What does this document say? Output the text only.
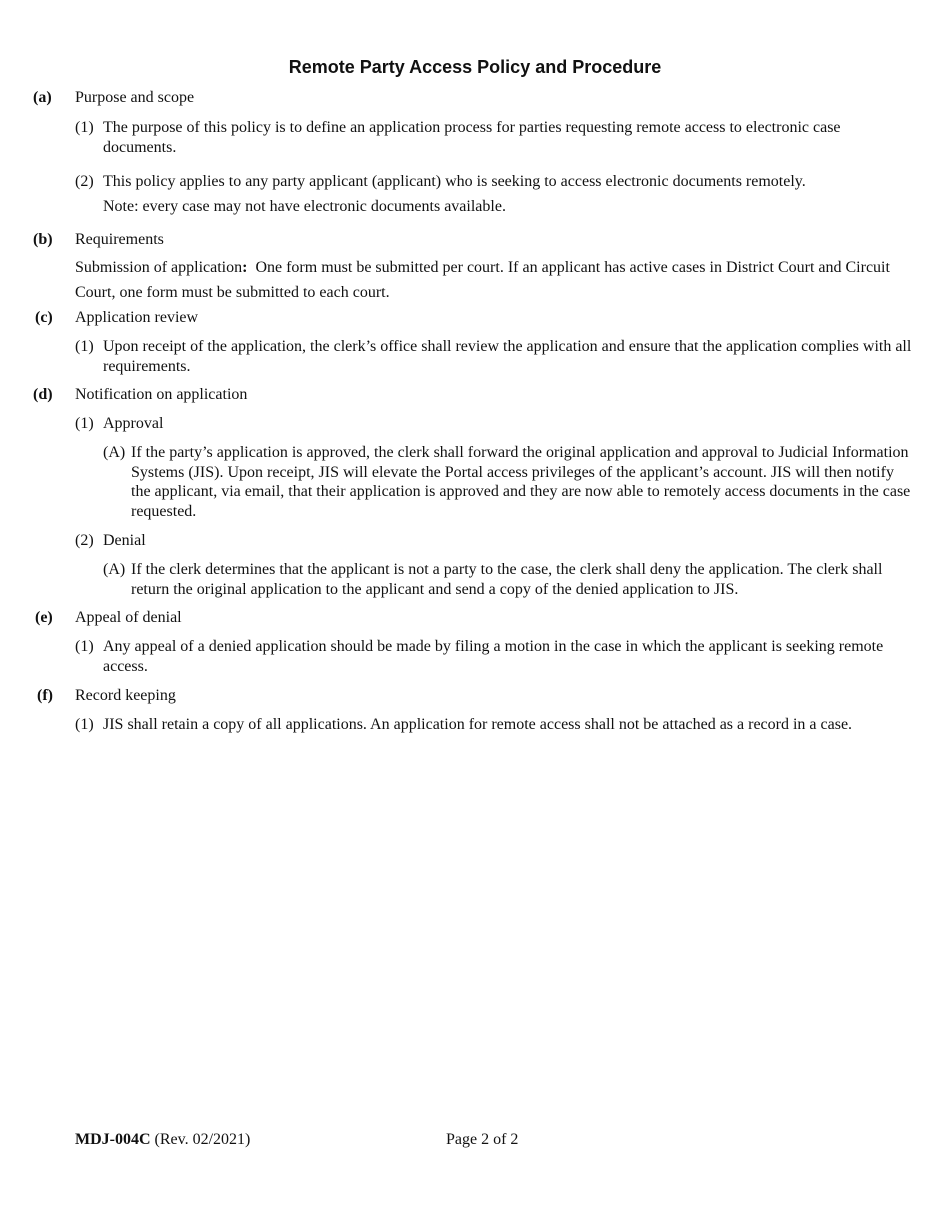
Remote Party Access Policy and Procedure
(a) Purpose and scope
(1) The purpose of this policy is to define an application process for parties requesting remote access to electronic case documents.
(2) This policy applies to any party applicant (applicant) who is seeking to access electronic documents remotely.
Note: every case may not have electronic documents available.
(b) Requirements
Submission of application: One form must be submitted per court. If an applicant has active cases in District Court and Circuit Court, one form must be submitted to each court.
(c) Application review
(1) Upon receipt of the application, the clerk’s office shall review the application and ensure that the application complies with all requirements.
(d) Notification on application
(1) Approval
(A) If the party’s application is approved, the clerk shall forward the original application and approval to Judicial Information Systems (JIS). Upon receipt, JIS will elevate the Portal access privileges of the applicant’s account. JIS will then notify the applicant, via email, that their application is approved and they are now able to remotely access documents in the case requested.
(2) Denial
(A) If the clerk determines that the applicant is not a party to the case, the clerk shall deny the application. The clerk shall return the original application to the applicant and send a copy of the denied application to JIS.
(e) Appeal of denial
(1) Any appeal of a denied application should be made by filing a motion in the case in which the applicant is seeking remote access.
(f) Record keeping
(1) JIS shall retain a copy of all applications. An application for remote access shall not be attached as a record in a case.
MDJ-004C (Rev. 02/2021)	Page 2 of 2
